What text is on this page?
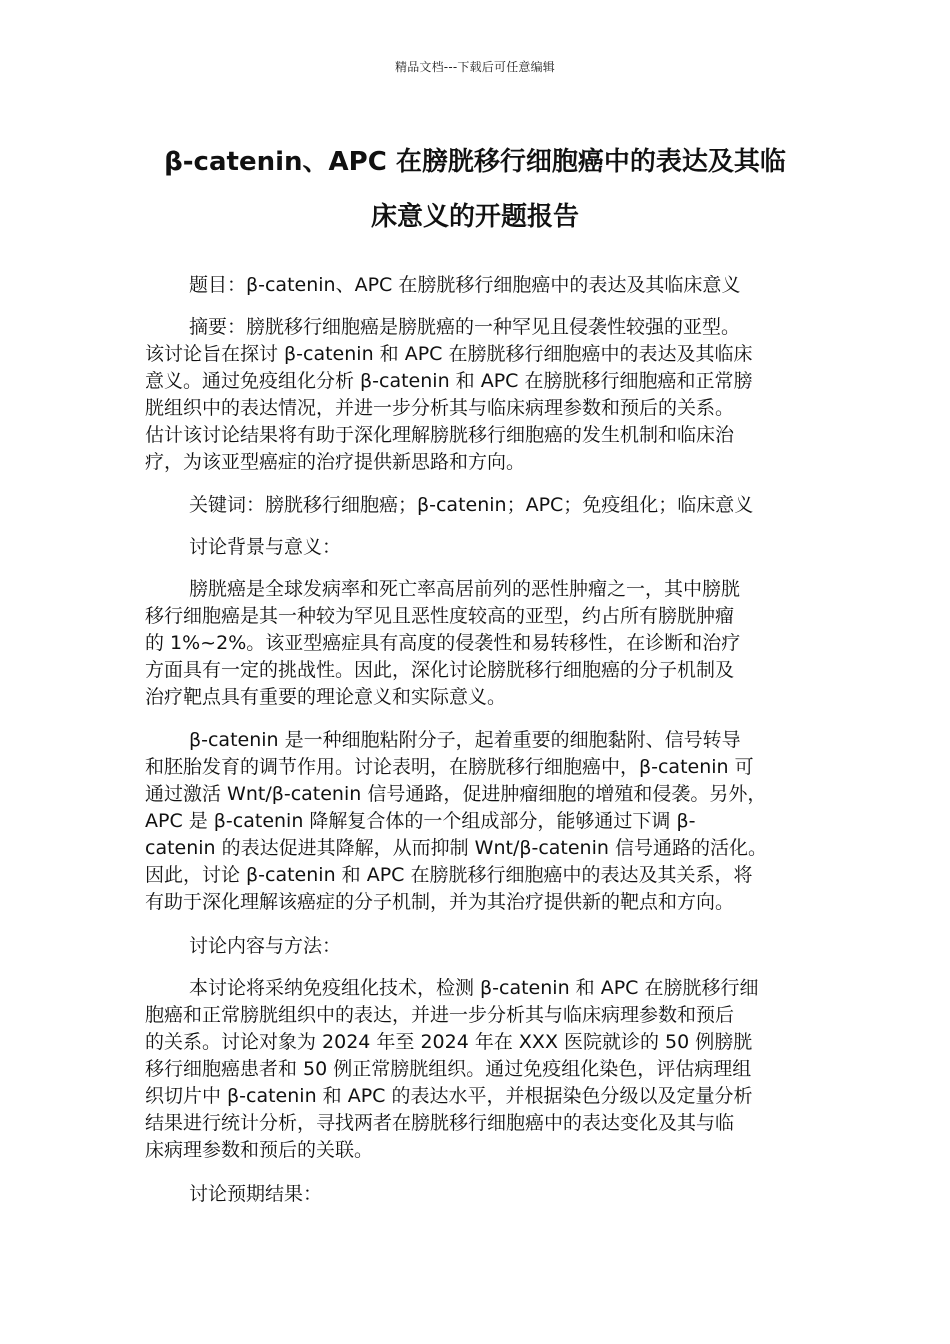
精品文档---下载后可任意编辑
β-catenin、APC 在膀胱移行细胞癌中的表达及其临
床意义的开题报告
题目：β-catenin、APC 在膀胱移行细胞癌中的表达及其临床意义
摘要：膀胱移行细胞癌是膀胱癌的一种罕见且侵袭性较强的亚型。
该讨论旨在探讨 β-catenin 和 APC 在膀胱移行细胞癌中的表达及其临床
意义。通过免疫组化分析 β-catenin 和 APC 在膀胱移行细胞癌和正常膀
胱组织中的表达情况，并进一步分析其与临床病理参数和预后的关系。
估计该讨论结果将有助于深化理解膀胱移行细胞癌的发生机制和临床治
疗，为该亚型癌症的治疗提供新思路和方向。
关键词：膀胱移行细胞癌；β-catenin；APC；免疫组化；临床意义
讨论背景与意义：
膀胱癌是全球发病率和死亡率高居前列的恶性肿瘤之一，其中膀胱
移行细胞癌是其一种较为罕见且恶性度较高的亚型，约占所有膀胱肿瘤
的 1%~2%。该亚型癌症具有高度的侵袭性和易转移性，在诊断和治疗
方面具有一定的挑战性。因此，深化讨论膀胱移行细胞癌的分子机制及
治疗靶点具有重要的理论意义和实际意义。
β-catenin 是一种细胞粘附分子，起着重要的细胞黏附、信号转导
和胚胎发育的调节作用。讨论表明，在膀胱移行细胞癌中，β-catenin 可
通过激活 Wnt/β-catenin 信号通路，促进肿瘤细胞的增殖和侵袭。另外，
APC 是 β-catenin 降解复合体的一个组成部分，能够通过下调 β-
catenin 的表达促进其降解，从而抑制 Wnt/β-catenin 信号通路的活化。
因此，讨论 β-catenin 和 APC 在膀胱移行细胞癌中的表达及其关系，将
有助于深化理解该癌症的分子机制，并为其治疗提供新的靶点和方向。
讨论内容与方法：
本讨论将采纳免疫组化技术，检测 β-catenin 和 APC 在膀胱移行细
胞癌和正常膀胱组织中的表达，并进一步分析其与临床病理参数和预后
的关系。讨论对象为 2024 年至 2024 年在 XXX 医院就诊的 50 例膀胱
移行细胞癌患者和 50 例正常膀胱组织。通过免疫组化染色，评估病理组
织切片中 β-catenin 和 APC 的表达水平，并根据染色分级以及定量分析
结果进行统计分析，寻找两者在膀胱移行细胞癌中的表达变化及其与临
床病理参数和预后的关联。
讨论预期结果：
